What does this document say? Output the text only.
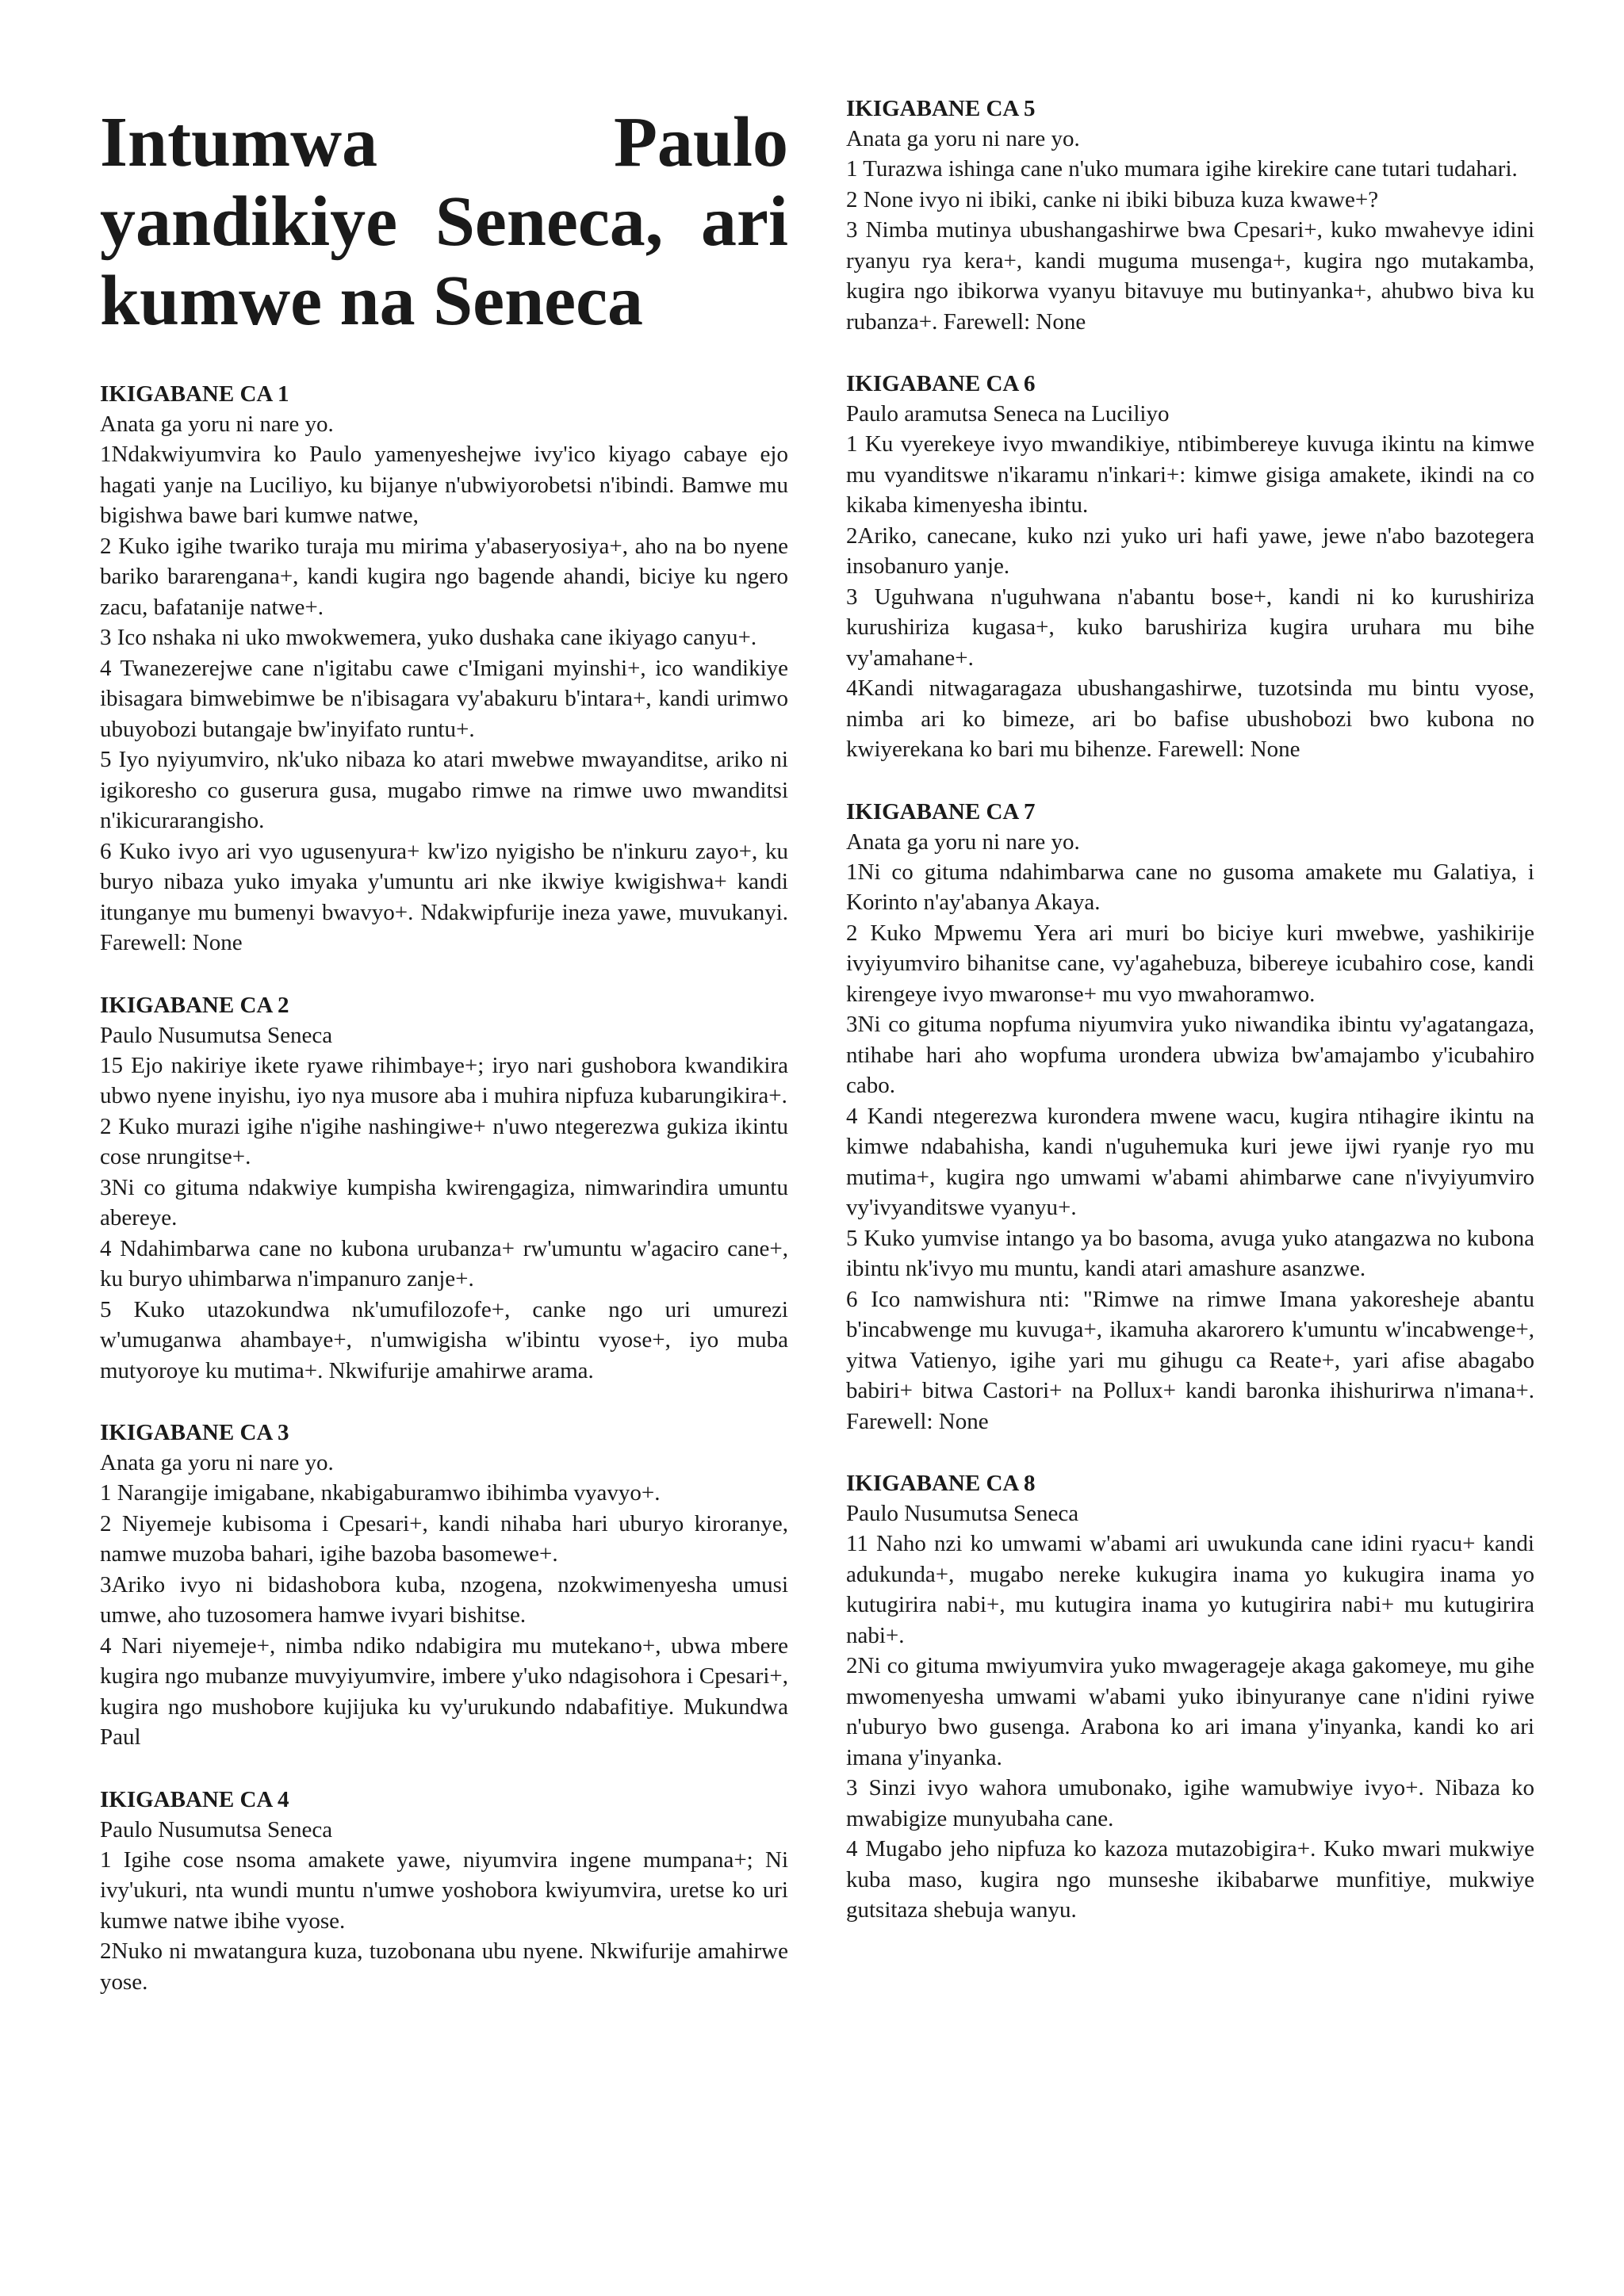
Intumwa Paulo yandikiye Seneca, ari kumwe na Seneca

IKIGABANE CA 1

Anata ga yoru ni nare yo.

1Ndakwiyumvira ko Paulo yamenyeshejwe ivy'ico kiyago cabaye ejo hagati yanje na Luciliyo, ku bijanye n'ubwiyorobetsi n'ibindi. Bamwe mu bigishwa bawe bari kumwe natwe,

2 Kuko igihe twariko turaja mu mirima y'abaseryosiya+, aho na bo nyene bariko bararengana+, kandi kugira ngo bagende ahandi, biciye ku ngero zacu, bafatanije natwe+.

3 Ico nshaka ni uko mwokwemera, yuko dushaka cane ikiyago canyu+.

4 Twanezerejwe cane n'igitabu cawe c'Imigani myinshi+, ico wandikiye ibisagara bimwebimwe be n'ibisagara vy'abakuru b'intara+, kandi urimwo ubuyobozi butangaje bw'inyifato runtu+.

5 Iyo nyiyumviro, nk'uko nibaza ko atari mwebwe mwayanditse, ariko ni igikoresho co guserura gusa, mugabo rimwe na rimwe uwo mwanditsi n'ikicurarangisho.

6 Kuko ivyo ari vyo ugusenyura+ kw'izo nyigisho be n'inkuru zayo+, ku buryo nibaza yuko imyaka y'umuntu ari nke ikwiye kwigishwa+ kandi itunganye mu bumenyi bwavyo+. Ndakwipfurije ineza yawe, muvukanyi. Farewell: None

IKIGABANE CA 2

Paulo Nusumutsa Seneca

15 Ejo nakiriye ikete ryawe rihimbaye+; iryo nari gushobora kwandikira ubwo nyene inyishu, iyo nya musore aba i muhira nipfuza kubarungikira+.

2 Kuko murazi igihe n'igihe nashingiwe+ n'uwo ntegerezwa gukiza ikintu cose nrungitse+.

3Ni co gituma ndakwiye kumpisha kwirengagiza, nimwarindira umuntu abereye.

4 Ndahimbarwa cane no kubona urubanza+ rw'umuntu w'agaciro cane+, ku buryo uhimbarwa n'impanuro zanje+.

5 Kuko utazokundwa nk'umufilozofe+, canke ngo uri umurezi w'umuganwa ahambaye+, n'umwigisha w'ibintu vyose+, iyo muba mutyoroye ku mutima+. Nkwifurije amahirwe arama.

IKIGABANE CA 3

Anata ga yoru ni nare yo.

1 Narangije imigabane, nkabigaburamwo ibihimba vyavyo+.

2 Niyemeje kubisoma i Cpesari+, kandi nihaba hari uburyo kiroranye, namwe muzoba bahari, igihe bazoba basomewe+.

3Ariko ivyo ni bidashobora kuba, nzogena, nzokwimenyesha umusi umwe, aho tuzosomera hamwe ivyari bishitse.

4 Nari niyemeje+, nimba ndiko ndabigira mu mutekano+, ubwa mbere kugira ngo mubanze muvyiyumvire, imbere y'uko ndagisohora i Cpesari+, kugira ngo mushobore kujijuka ku vy'urukundo ndabafitiye. Mukundwa Paul

IKIGABANE CA 4

Paulo Nusumutsa Seneca

1 Igihe cose nsoma amakete yawe, niyumvira ingene mumpana+; Ni ivy'ukuri, nta wundi muntu n'umwe yoshobora kwiyumvira, uretse ko uri kumwe natwe ibihe vyose.

2Nuko ni mwatangura kuza, tuzobonana ubu nyene. Nkwifurije amahirwe yose.

IKIGABANE CA 5

Anata ga yoru ni nare yo.

1 Turazwa ishinga cane n'uko mumara igihe kirekire cane tutari tudahari.

2 None ivyo ni ibiki, canke ni ibiki bibuza kuza kwawe+?

3 Nimba mutinya ubushangashirwe bwa Cpesari+, kuko mwahevye idini ryanyu rya kera+, kandi muguma musenga+, kugira ngo mutakamba, kugira ngo ibikorwa vyanyu bitavuye mu butinyanka+, ahubwo biva ku rubanza+. Farewell: None

IKIGABANE CA 6

Paulo aramutsa Seneca na Luciliyo

1 Ku vyerekeye ivyo mwandikiye, ntibimbereye kuvuga ikintu na kimwe mu vyanditswe n'ikaramu n'inkari+: kimwe gisiga amakete, ikindi na co kikaba kimenyesha ibintu.

2Ariko, canecane, kuko nzi yuko uri hafi yawe, jewe n'abo bazotegera insobanuro yanje.

3 Uguhwana n'uguhwana n'abantu bose+, kandi ni ko kurushiriza kurushiriza kugasa+, kuko barushiriza kugira uruhara mu bihe vy'amahane+.

4Kandi nitwagaragaza ubushangashirwe, tuzotsinda mu bintu vyose, nimba ari ko bimeze, ari bo bafise ubushobozi bwo kubona no kwiyerekana ko bari mu bihenze. Farewell: None

IKIGABANE CA 7

Anata ga yoru ni nare yo.

1Ni co gituma ndahimbarwa cane no gusoma amakete mu Galatiya, i Korinto n'ay'abanya Akaya.

2 Kuko Mpwemu Yera ari muri bo biciye kuri mwebwe, yashikirije ivyiyumviro bihanitse cane, vy'agahebuza, bibereye icubahiro cose, kandi kirengeye ivyo mwaronse+ mu vyo mwahoramwo.

3Ni co gituma nopfuma niyumvira yuko niwandika ibintu vy'agatangaza, ntihabe hari aho wopfuma urondera ubwiza bw'amajambo y'icubahiro cabo.

4 Kandi ntegerezwa kurondera mwene wacu, kugira ntihagire ikintu na kimwe ndabahisha, kandi n'uguhemuka kuri jewe ijwi ryanje ryo mu mutima+, kugira ngo umwami w'abami ahimbarwe cane n'ivyiyumviro vy'ivyanditswe vyanyu+.

5 Kuko yumvise intango ya bo basoma, avuga yuko atangazwa no kubona ibintu nk'ivyo mu muntu, kandi atari amashure asanzwe.

6 Ico namwishura nti: "Rimwe na rimwe Imana yakoresheje abantu b'incabwenge mu kuvuga+, ikamuha akarorero k'umuntu w'incabwenge+, yitwa Vatienyo, igihe yari mu gihugu ca Reate+, yari afise abagabo babiri+ bitwa Castori+ na Pollux+ kandi baronka ihishurirwa n'imana+. Farewell: None

IKIGABANE CA 8

Paulo Nusumutsa Seneca

11 Naho nzi ko umwami w'abami ari uwukunda cane idini ryacu+ kandi adukunda+, mugabo nereke kukugira inama yo kukugira inama yo kutugirira nabi+, mu kutugira inama yo kutugirira nabi+ mu kutugirira nabi+.

2Ni co gituma mwiyumvira yuko mwagerageje akaga gakomeye, mu gihe mwomenyesha umwami w'abami yuko ibinyuranye cane n'idini ryiwe n'uburyo bwo gusenga. Arabona ko ari imana y'inyanka, kandi ko ari imana y'inyanka.

3 Sinzi ivyo wahora umubonako, igihe wamubwiye ivyo+. Nibaza ko mwabigize munyubaha cane.

4 Mugabo jeho nipfuza ko kazoza mutazobigira+. Kuko mwari mukwiye kuba maso, kugira ngo munseshe ikibabarwe munfitiye, mukwiye gutsitaza shebuja wanyu.
